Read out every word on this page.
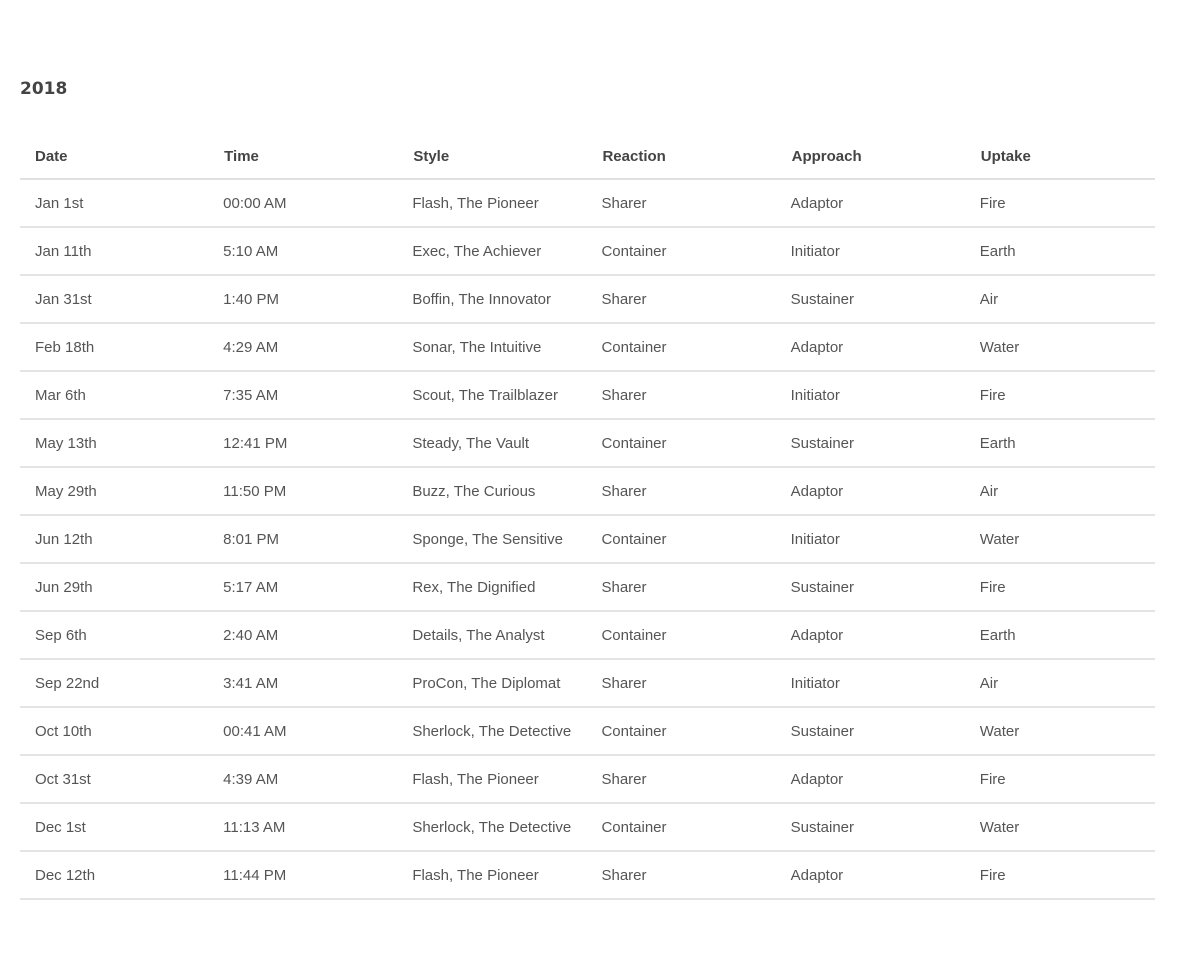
2018
Date	Time	Style	Reaction	Approach	Uptake
Jan 1st	00:00 AM	Flash, The Pioneer	Sharer	Adaptor	Fire
Jan 11th	5:10 AM	Exec, The Achiever	Container	Initiator	Earth
Jan 31st	1:40 PM	Boffin, The Innovator	Sharer	Sustainer	Air
Feb 18th	4:29 AM	Sonar, The Intuitive	Container	Adaptor	Water
Mar 6th	7:35 AM	Scout, The Trailblazer	Sharer	Initiator	Fire
May 13th	12:41 PM	Steady, The Vault	Container	Sustainer	Earth
May 29th	11:50 PM	Buzz, The Curious	Sharer	Adaptor	Air
Jun 12th	8:01 PM	Sponge, The Sensitive	Container	Initiator	Water
Jun 29th	5:17 AM	Rex, The Dignified	Sharer	Sustainer	Fire
Sep 6th	2:40 AM	Details, The Analyst	Container	Adaptor	Earth
Sep 22nd	3:41 AM	ProCon, The Diplomat	Sharer	Initiator	Air
Oct 10th	00:41 AM	Sherlock, The Detective	Container	Sustainer	Water
Oct 31st	4:39 AM	Flash, The Pioneer	Sharer	Adaptor	Fire
Dec 1st	11:13 AM	Sherlock, The Detective	Container	Sustainer	Water
Dec 12th	11:44 PM	Flash, The Pioneer	Sharer	Adaptor	Fire
